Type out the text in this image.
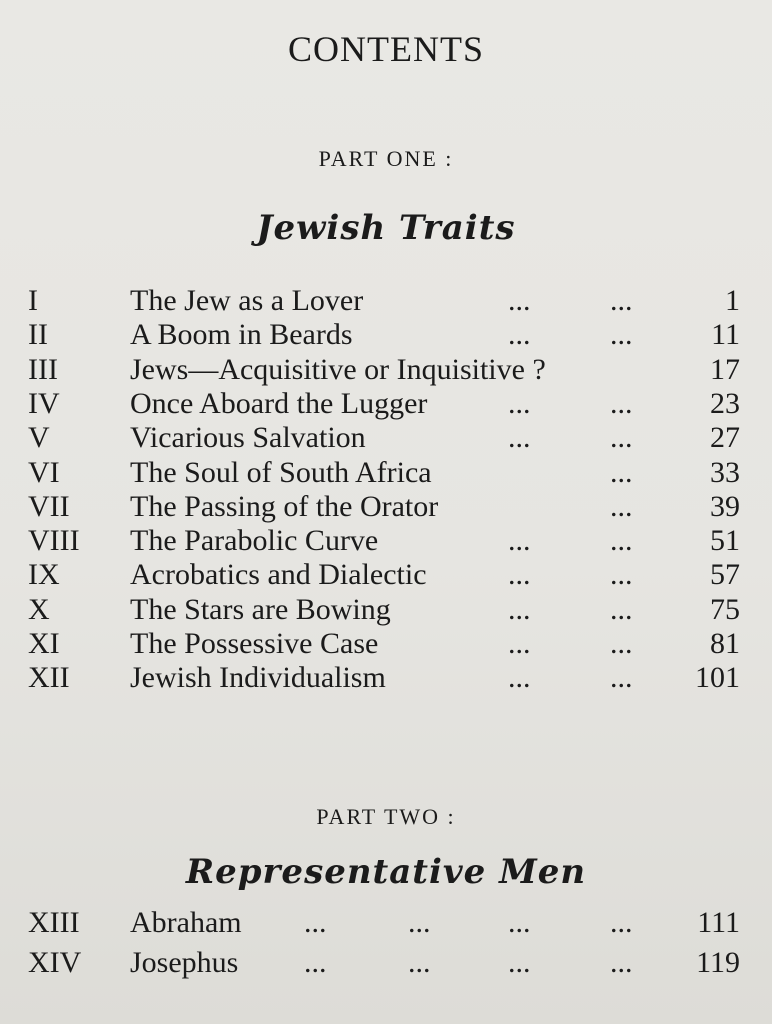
CONTENTS
PART ONE :
Jewish Traits
I	The Jew as a Lover	...	...	1
II	A Boom in Beards	...	...	11
III Jews—Acquisitive or Inquisitive ?	17
IV Once Aboard the Lugger	...	...	23
V	Vicarious Salvation	...	...	27
VI The Soul of South Africa	...	33
VII The Passing of the Orator	...	39
VIII The Parabolic Curve	...	...	51
IX Acrobatics and Dialectic	...	...	57
X	The Stars are Bowing	...	...	75
XI The Possessive Case	...	...	81
XII Jewish Individualism	...	... 101
PART TWO :
Representative Men
XIII Abraham ...	...	...	... 111
XIV Josephus ...	...	...	... 119
